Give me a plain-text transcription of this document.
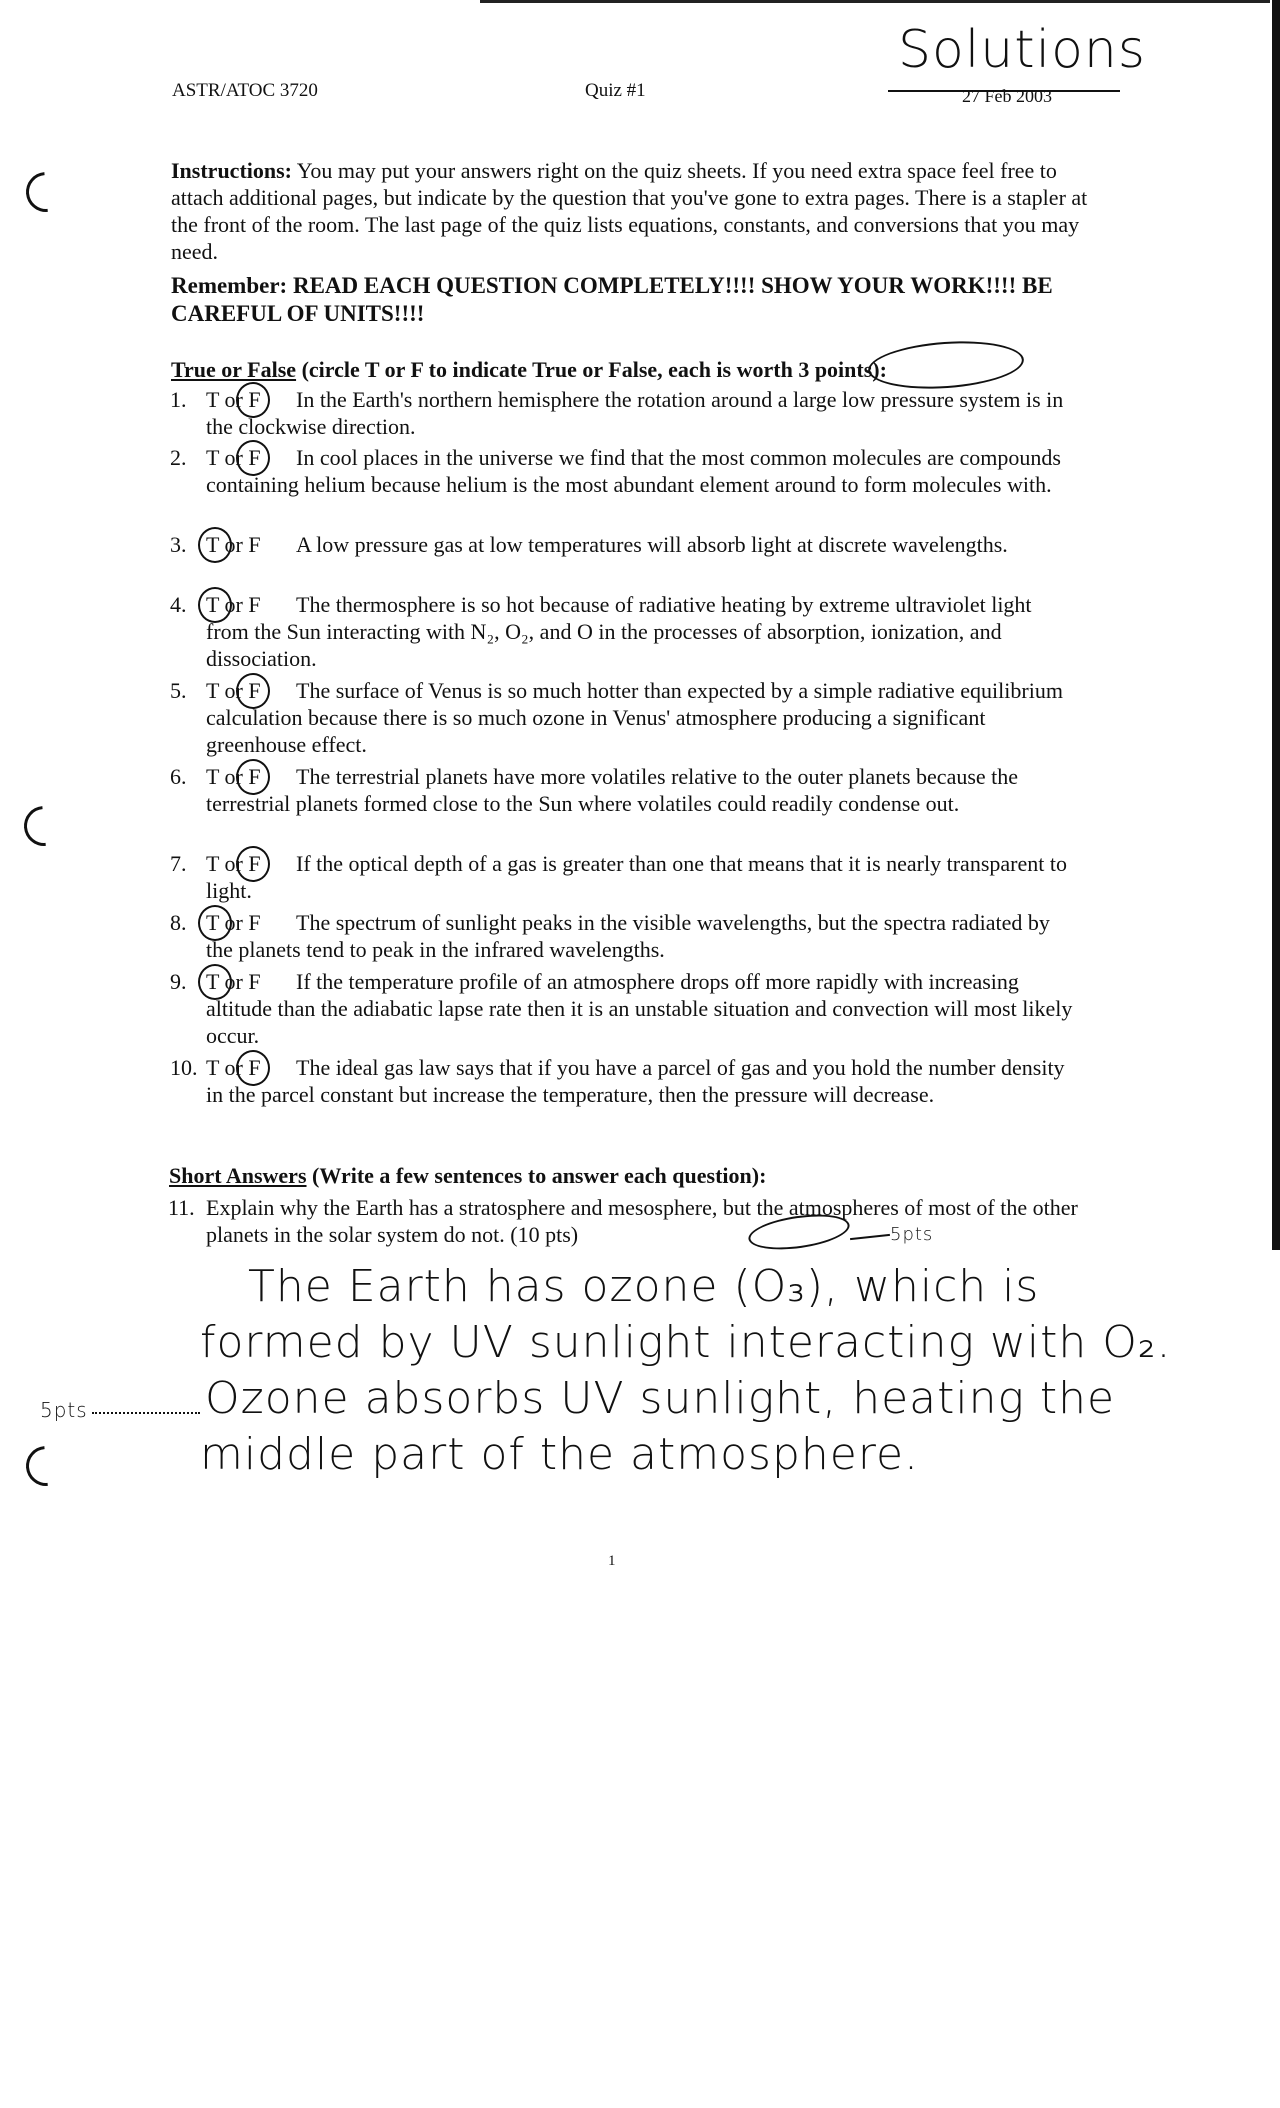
ASTR/ATOC 3720	Quiz #1
Solutions
27 Feb 2003
Instructions: You may put your answers right on the quiz sheets. If you need extra space feel free to attach additional pages, but indicate by the question that you've gone to extra pages. There is a stapler at the front of the room. The last page of the quiz lists equations, constants, and conversions that you may need.
Remember: READ EACH QUESTION COMPLETELY!!!! SHOW YOUR WORK!!!! BE CAREFUL OF UNITS!!!!
True or False (circle T or F to indicate True or False, each is worth 3 points):
1. T or F	In the Earth's northern hemisphere the rotation around a large low pressure system is in the clockwise direction.
2. T or F	In cool places in the universe we find that the most common molecules are compounds containing helium because helium is the most abundant element around to form molecules with.
3. T or F	A low pressure gas at low temperatures will absorb light at discrete wavelengths.
4. T or F	The thermosphere is so hot because of radiative heating by extreme ultraviolet light from the Sun interacting with N₂, O₂, and O in the processes of absorption, ionization, and dissociation.
5. T or F	The surface of Venus is so much hotter than expected by a simple radiative equilibrium calculation because there is so much ozone in Venus' atmosphere producing a significant greenhouse effect.
6. T or F	The terrestrial planets have more volatiles relative to the outer planets because the terrestrial planets formed close to the Sun where volatiles could readily condense out.
7. T or F	If the optical depth of a gas is greater than one that means that it is nearly transparent to light.
8. T or F	The spectrum of sunlight peaks in the visible wavelengths, but the spectra radiated by the planets tend to peak in the infrared wavelengths.
9. T or F	If the temperature profile of an atmosphere drops off more rapidly with increasing altitude than the adiabatic lapse rate then it is an unstable situation and convection will most likely occur.
10. T or F	The ideal gas law says that if you have a parcel of gas and you hold the number density in the parcel constant but increase the temperature, then the pressure will decrease.
Short Answers (Write a few sentences to answer each question):
11. Explain why the Earth has a stratosphere and mesosphere, but the atmospheres of most of the other planets in the solar system do not. (10 pts)	5pts
The Earth has ozone (O₃), which is
formed by UV sunlight interacting with O₂.
Ozone absorbs UV sunlight, heating the
middle part of the atmosphere.
5pts
1
